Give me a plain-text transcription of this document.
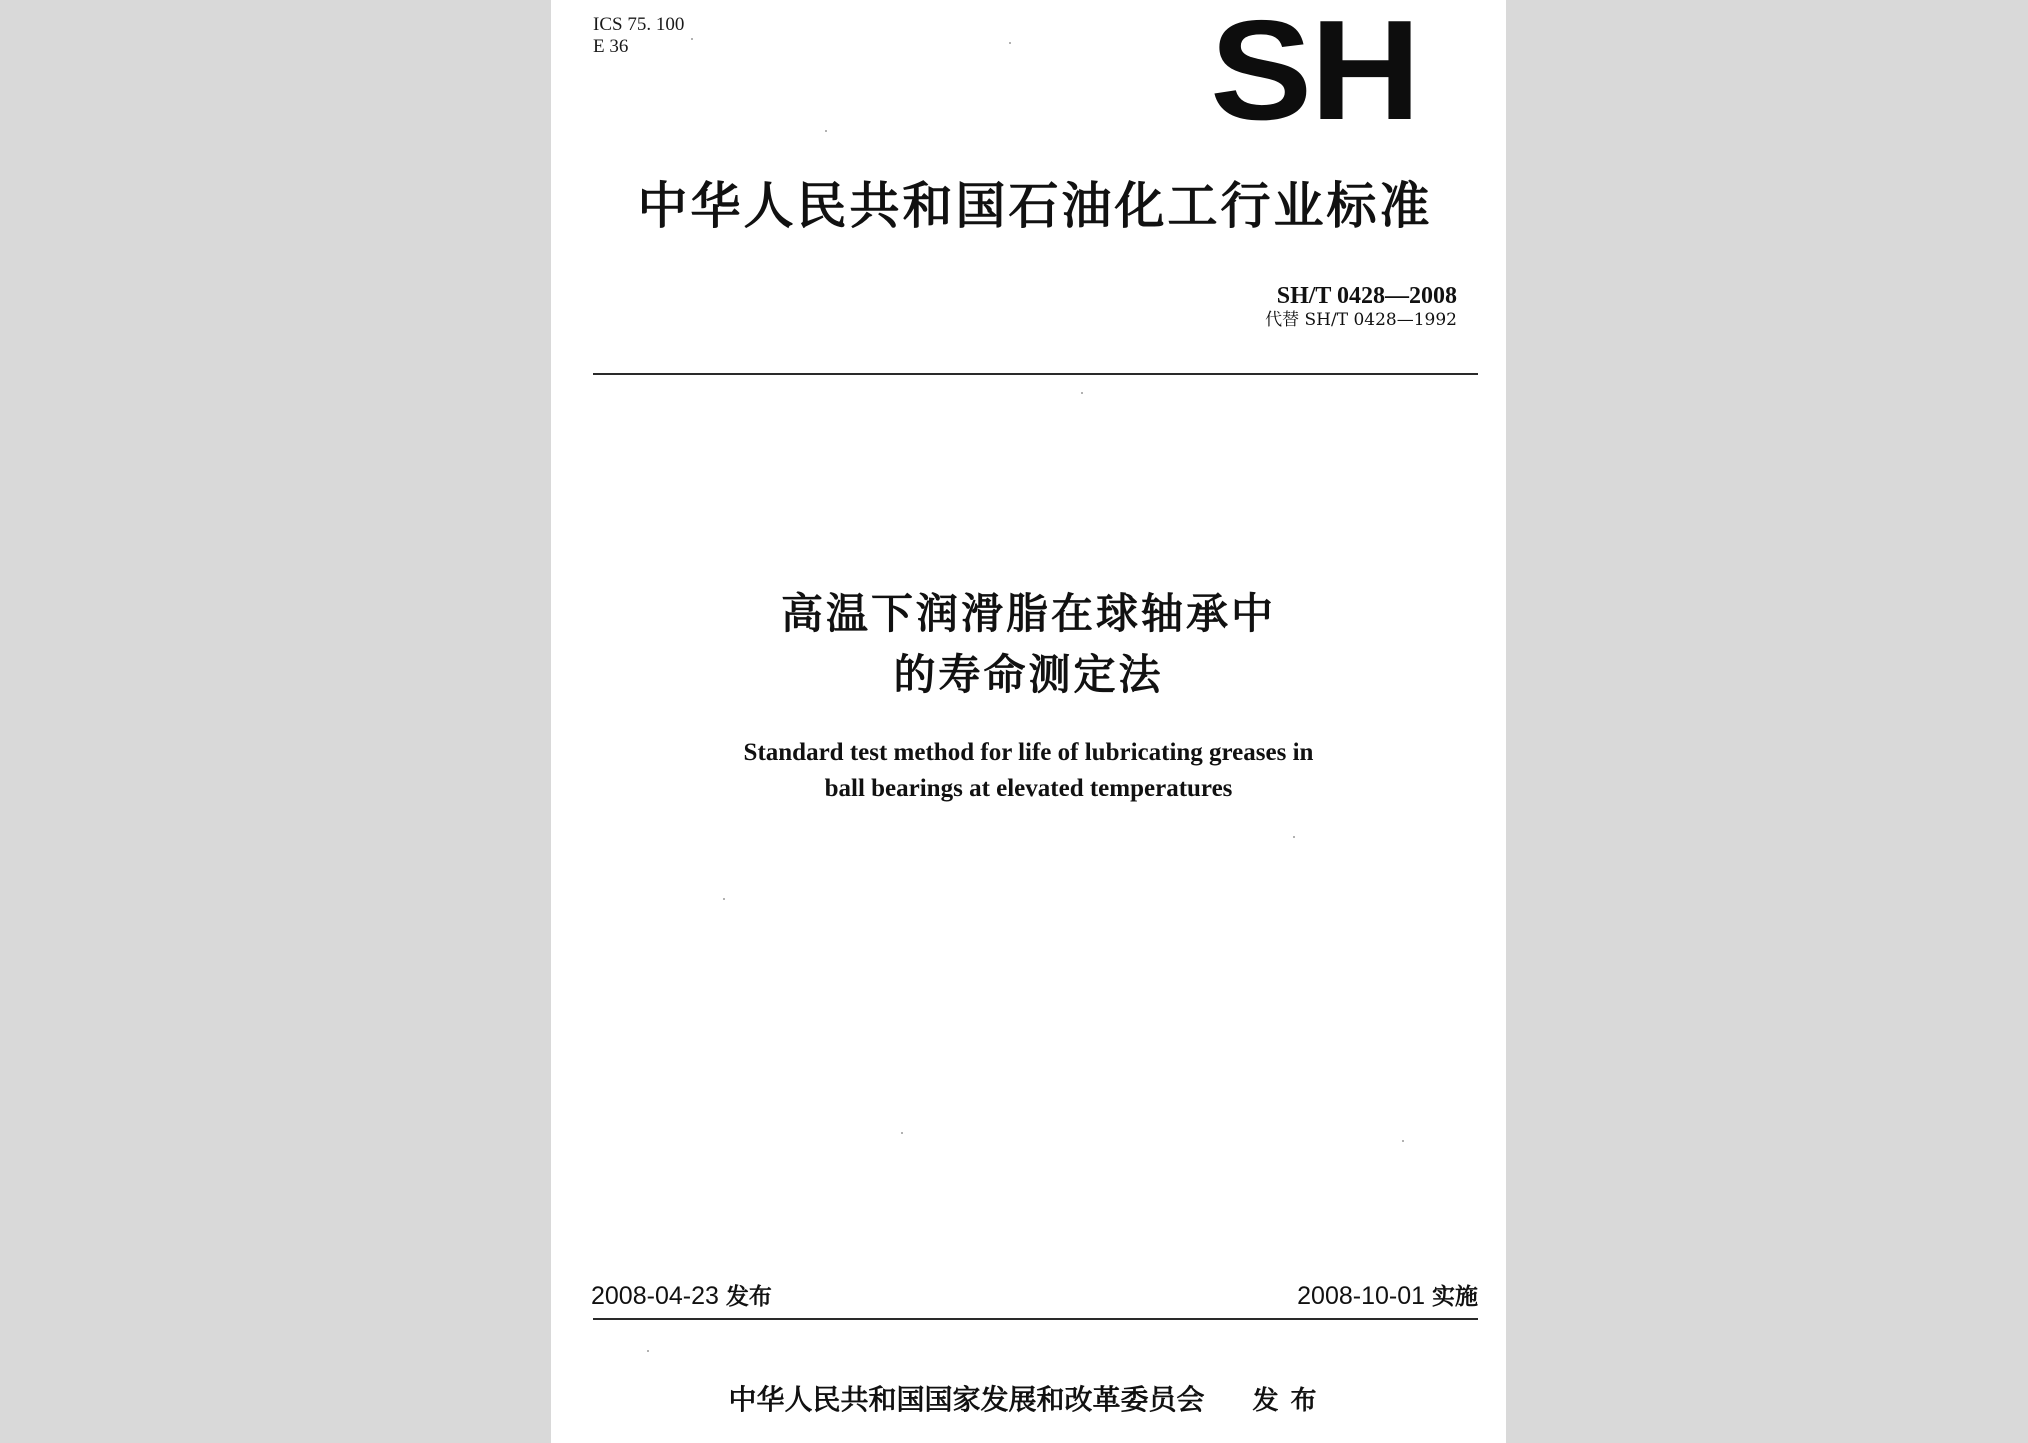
ICS 75. 100
E 36	SH
中华人民共和国石油化工行业标准
SH/T 0428—2008
代替 SH/T 0428—1992
高温下润滑脂在球轴承中
的寿命测定法
Standard test method for life of lubricating greases in
ball bearings at elevated temperatures
2008-04-23 发布	2008-10-01 实施
中华人民共和国国家发展和改革委员会 发布
